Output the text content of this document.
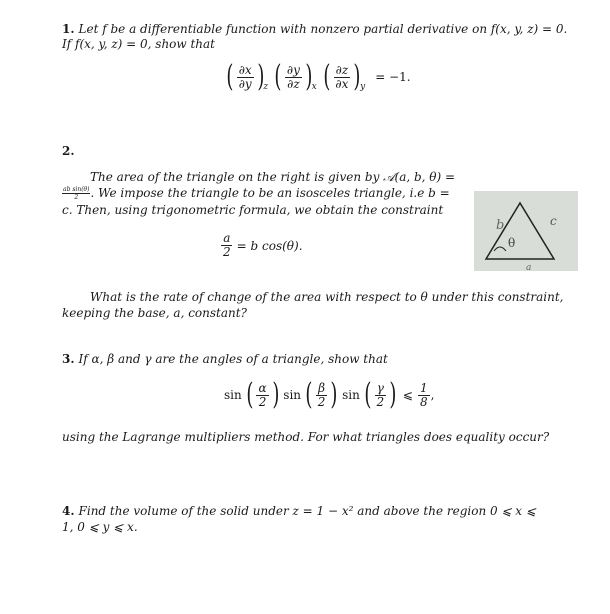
1. Let f be a differentiable function with nonzero partial derivative on f(x, y, z) = 0.
If f(x, y, z) = 0, show that
( $\frac{\partial x}{\partial y}$ ) z ( $\frac{\partial y}{\partial z}$ ) x ( $\frac{\partial z}{\partial x}$ ) y
= −1.
2.
The area of the triangle on the right is given by 𝒜(a, b, θ) =
$\frac{\text{ab sin(θ)}}{2}$ . We impose the triangle to be an isosceles triangle, i.e b =
c. Then, using trigonometric formula, we obtain the constraint
$\frac{a}{2} = b$ cos(θ).
b	c
θ
a
What is the rate of change of the area with respect to θ under this constraint,
keeping the base, a, constant?
3. If α, β and γ are the angles of a triangle, show that
sin ( $\frac{\alpha}{2}$ ) sin ( $\frac{\beta}{2}$ ) sin ( $\frac{\gamma}{2}$ ) ⩽ $\frac{1}{8}$ ,
using the Lagrange multipliers method. For what triangles does equality occur?
4. Find the volume of the solid under z = 1 − x² and above the region 0 ⩽ x ⩽
1, 0 ⩽ y ⩽ x.
